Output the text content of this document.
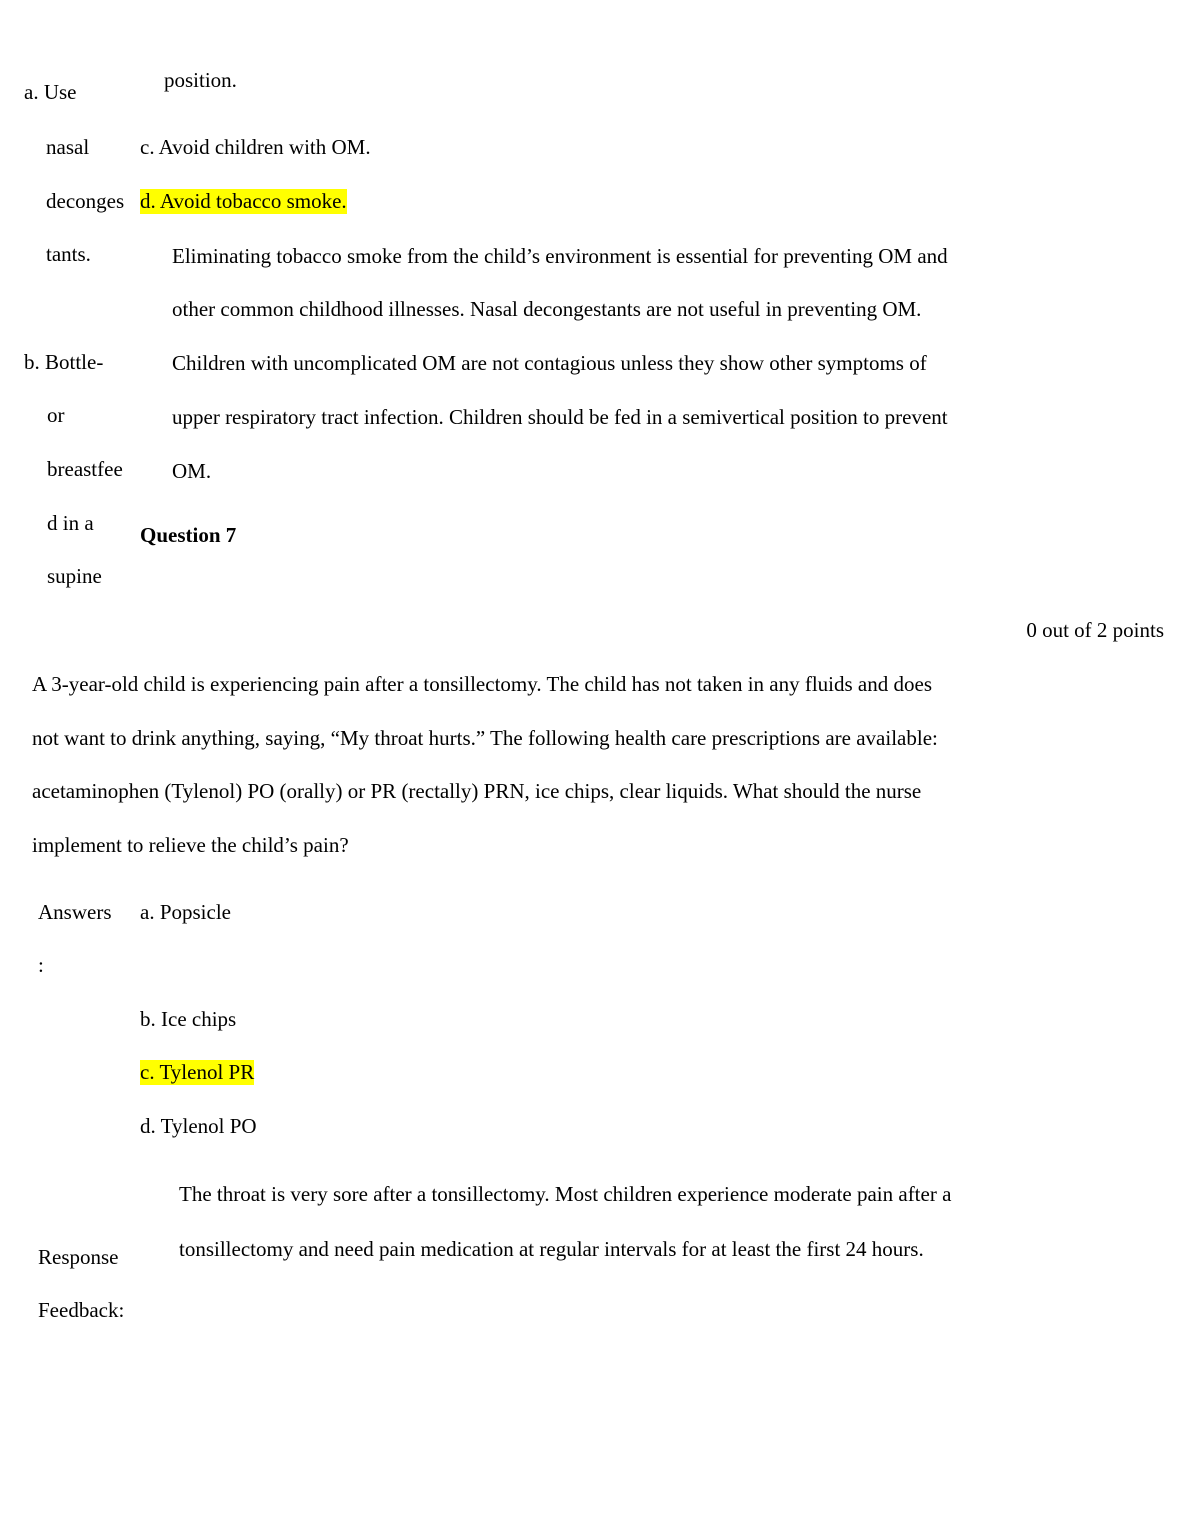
a. Use
nasal
deconges
tants.
b. Bottle-
or
breastfee
d in a
supine
position.
c. Avoid children with OM.
d. Avoid tobacco smoke.
Eliminating tobacco smoke from the child’s environment is essential for preventing OM and
other common childhood illnesses. Nasal decongestants are not useful in preventing OM.
Children with uncomplicated OM are not contagious unless they show other symptoms of
upper respiratory tract infection. Children should be fed in a semivertical position to prevent
OM.
Question 7
0 out of 2 points
A 3-year-old child is experiencing pain after a tonsillectomy. The child has not taken in any fluids and does
not want to drink anything, saying, “My throat hurts.” The following health care prescriptions are available:
acetaminophen (Tylenol) PO (orally) or PR (rectally) PRN, ice chips, clear liquids. What should the nurse
implement to relieve the child’s pain?
Answers
:
a. Popsicle
b. Ice chips
c. Tylenol PR
d. Tylenol PO
The throat is very sore after a tonsillectomy. Most children experience moderate pain after a
tonsillectomy and need pain medication at regular intervals for at least the first 24 hours.
Response
Feedback:
